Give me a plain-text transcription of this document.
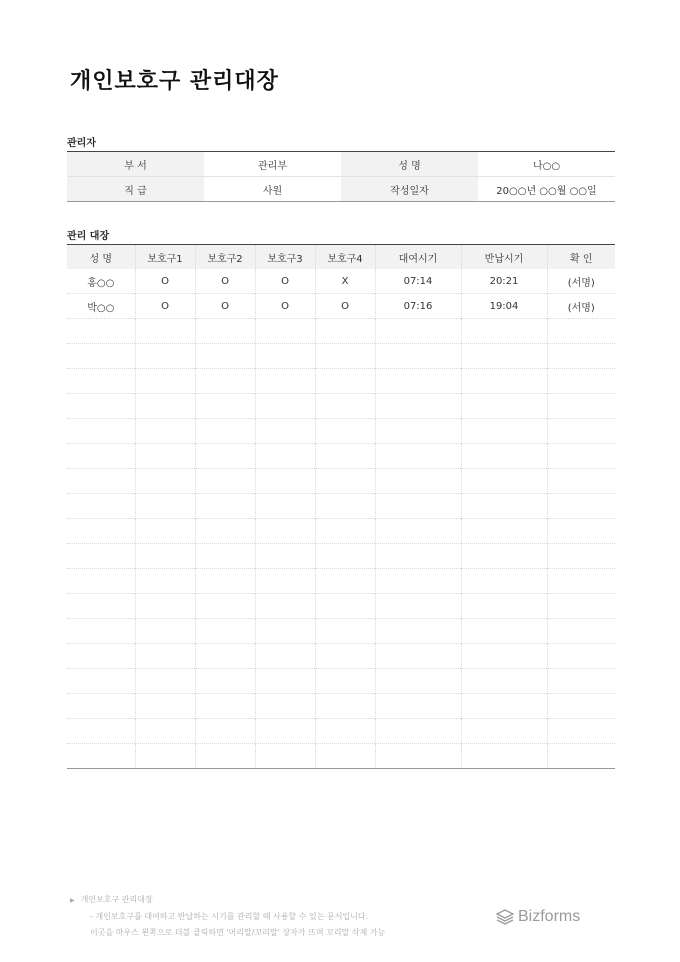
개인보호구 관리대장
관리자
부 서	관리부	성 명	나○○
직 급	사원	작성일자	20○○년 ○○월 ○○일
관리 대장
성 명	보호구1	보호구2	보호구3	보호구4	대여시기	반납시기	확 인
홍○○	O	O	O	X	07:14	20:21	(서명)
박○○	O	O	O	O	07:16	19:04	(서명)

▶ 개인보호구 관리대장
- 개인보호구를 대여하고 반납하는 시기를 관리할 때 사용할 수 있는 문서입니다.
이곳을 마우스 왼쪽으로 더블 클릭하면 '머리말/꼬리말' 상자가 뜨며 꼬리말 삭제 가능
Bizforms
